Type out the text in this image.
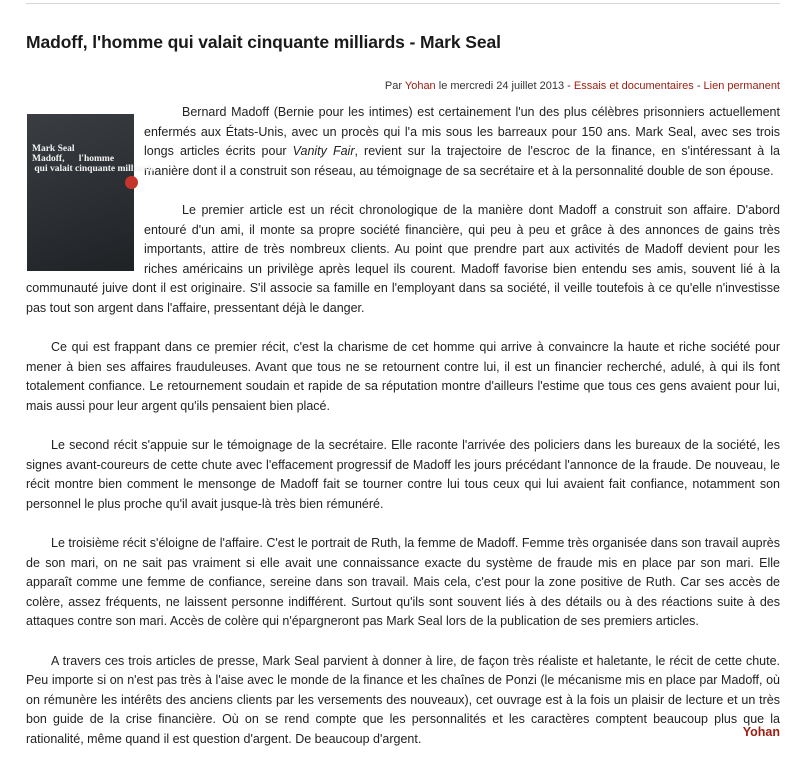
Madoff, l'homme qui valait cinquante milliards - Mark Seal
Par Yohan le mercredi 24 juillet 2013 - Essais et documentaires - Lien permanent
Mark Seal
Madoff,      l'homme
qui valait cinquante milliards

Bernard Madoff (Bernie pour les intimes) est certainement l'un des plus célèbres prisonniers actuellement enfermés aux États-Unis, avec un procès qui l'a mis sous les barreaux pour 150 ans. Mark Seal, avec ses trois longs articles écrits pour Vanity Fair, revient sur la trajectoire de l'escroc de la finance, en s'intéressant à la manière dont il a construit son réseau, au témoignage de sa secrétaire et à la personnalité double de son épouse.

Le premier article est un récit chronologique de la manière dont Madoff a construit son affaire. D'abord entouré d'un ami, il monte sa propre société financière, qui peu à peu et grâce à des annonces de gains très importants, attire de très nombreux clients. Au point que prendre part aux activités de Madoff devient pour les riches américains un privilège après lequel ils courent. Madoff favorise bien entendu ses amis, souvent lié à la communauté juive dont il est originaire. S'il associe sa famille en l'employant dans sa société, il veille toutefois à ce qu'elle n'investisse pas tout son argent dans l'affaire, pressentant déjà le danger.

Ce qui est frappant dans ce premier récit, c'est la charisme de cet homme qui arrive à convaincre la haute et riche société pour mener à bien ses affaires frauduleuses. Avant que tous ne se retournent contre lui, il est un financier recherché, adulé, à qui ils font totalement confiance. Le retournement soudain et rapide de sa réputation montre d'ailleurs l'estime que tous ces gens avaient pour lui, mais aussi pour leur argent qu'ils pensaient bien placé.

Le second récit s'appuie sur le témoignage de la secrétaire. Elle raconte l'arrivée des policiers dans les bureaux de la société, les signes avant-coureurs de cette chute avec l'effacement progressif de Madoff les jours précédant l'annonce de la fraude. De nouveau, le récit montre bien comment le mensonge de Madoff fait se tourner contre lui tous ceux qui lui avaient fait confiance, notamment son personnel le plus proche qu'il avait jusque-là très bien rémunéré.

Le troisième récit s'éloigne de l'affaire. C'est le portrait de Ruth, la femme de Madoff. Femme très organisée dans son travail auprès de son mari, on ne sait pas vraiment si elle avait une connaissance exacte du système de fraude mis en place par son mari. Elle apparaît comme une femme de confiance, sereine dans son travail. Mais cela, c'est pour la zone positive de Ruth. Car ses accès de colère, assez fréquents, ne laissent personne indifférent. Surtout qu'ils sont souvent liés à des détails ou à des réactions suite à des attaques contre son mari. Accès de colère qui n'épargneront pas Mark Seal lors de la publication de ses premiers articles.

A travers ces trois articles de presse, Mark Seal parvient à donner à lire, de façon très réaliste et haletante, le récit de cette chute. Peu importe si on n'est pas très à l'aise avec le monde de la finance et les chaînes de Ponzi (le mécanisme mis en place par Madoff, où on rémunère les intérêts des anciens clients par les versements des nouveaux), cet ouvrage est à la fois un plaisir de lecture et un très bon guide de la crise financière. Où on se rend compte que les personnalités et les caractères comptent beaucoup plus que la rationalité, même quand il est question d'argent. De beaucoup d'argent.	Yohan
